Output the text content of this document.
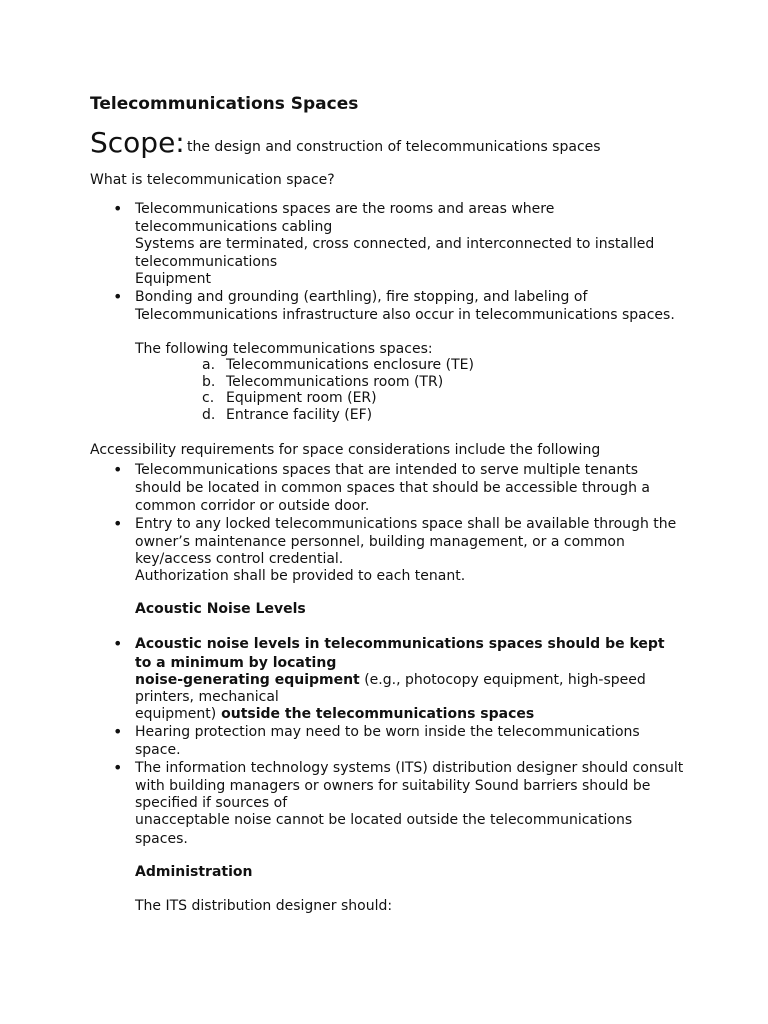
Telecommunications Spaces
Scope: the design and construction of telecommunications spaces
What is telecommunication space?
• Telecommunications spaces are the rooms and areas where
telecommunications cabling
Systems are terminated, cross connected, and interconnected to installed
telecommunications
Equipment
• Bonding and grounding (earthling), fire stopping, and labeling of
Telecommunications infrastructure also occur in telecommunications spaces.
The following telecommunications spaces:
a. Telecommunications enclosure (TE)
b. Telecommunications room (TR)
c. Equipment room (ER)
d. Entrance facility (EF)
Accessibility requirements for space considerations include the following
• Telecommunications spaces that are intended to serve multiple tenants
should be located in common spaces that should be accessible through a
common corridor or outside door.
• Entry to any locked telecommunications space shall be available through the
owner’s maintenance personnel, building management, or a common
key/access control credential.
Authorization shall be provided to each tenant.
Acoustic Noise Levels
• Acoustic noise levels in telecommunications spaces should be kept
to a minimum by locating
noise-generating equipment (e.g., photocopy equipment, high-speed
printers, mechanical
equipment) outside the telecommunications spaces
• Hearing protection may need to be worn inside the telecommunications
space.
• The information technology systems (ITS) distribution designer should consult
with building managers or owners for suitability Sound barriers should be
specified if sources of
unacceptable noise cannot be located outside the telecommunications
spaces.
Administration
The ITS distribution designer should:
